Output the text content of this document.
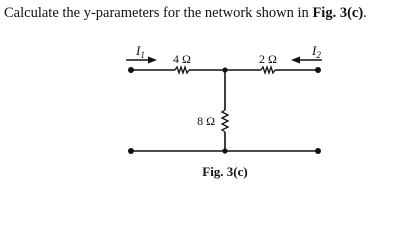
Calculate the y-parameters for the network shown in Fig. 3(c).

$I_1$	$I_2$
4 Ω	2 Ω
8 Ω
Fig. 3(c)
